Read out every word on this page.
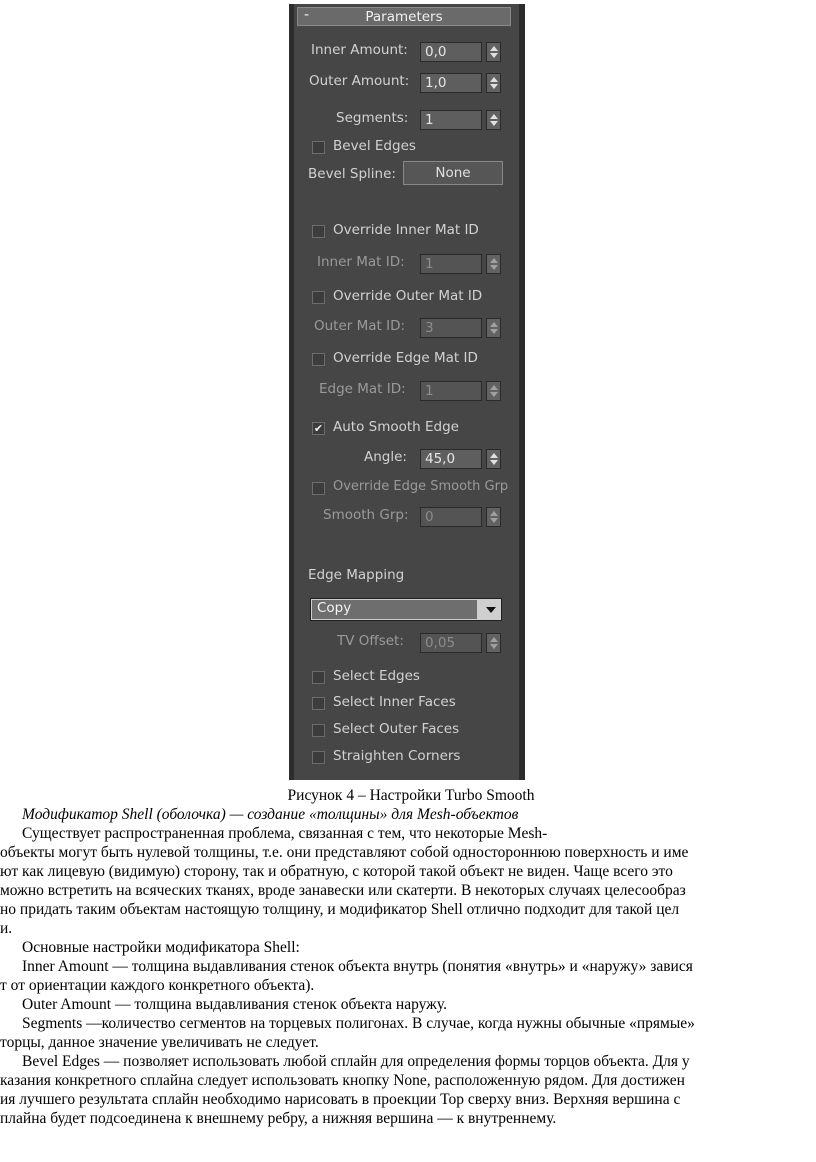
-	Parameters
Inner Amount:	0,0
Outer Amount:	1,0
Segments:	1
Bevel Edges
Bevel Spline:	None
Override Inner Mat ID
Inner Mat ID:	1
Override Outer Mat ID
Outer Mat ID:	3
Override Edge Mat ID
Edge Mat ID:	1
✔ Auto Smooth Edge
Angle:	45,0
Override Edge Smooth Grp
Smooth Grp:	0
Edge Mapping
Copy
TV Offset:	0,05
Select Edges
Select Inner Faces
Select Outer Faces
Straighten Corners
Рисунок 4 – Настройки Turbo Smooth
Модификатор Shell (оболочка) — создание «толщины» для Mesh-объектов
Существует распространенная проблема, связанная с тем, что некоторые Mesh-
объекты могут быть нулевой толщины, т.е. они представляют собой одностороннюю поверхность и име
ют как лицевую (видимую) сторону, так и обратную, с которой такой объект не виден. Чаще всего это
можно встретить на всяческих тканях, вроде занавески или скатерти. В некоторых случаях целесообраз
но придать таким объектам настоящую толщину, и модификатор Shell отлично подходит для такой цел
и.
Основные настройки модификатора Shell:
Inner Amount — толщина выдавливания стенок объекта внутрь (понятия «внутрь» и «наружу» завися
т от ориентации каждого конкретного объекта).
Outer Amount — толщина выдавливания стенок объекта наружу.
Segments —количество сегментов на торцевых полигонах. В случае, когда нужны обычные «прямые»
торцы, данное значение увеличивать не следует.
Bevel Edges — позволяет использовать любой сплайн для определения формы торцов объекта. Для у
казания конкретного сплайна следует использовать кнопку None, расположенную рядом. Для достижен
ия лучшего результата сплайн необходимо нарисовать в проекции Top сверху вниз. Верхняя вершина с
плайна будет подсоединена к внешнему ребру, а нижняя вершина — к внутреннему.
